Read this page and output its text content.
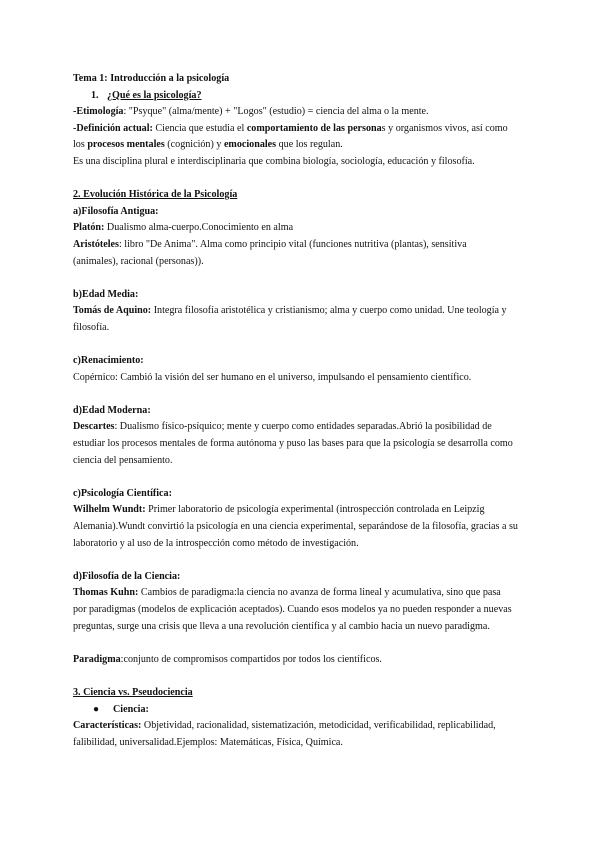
Tema 1: Introducción a la psicología

1. ¿Qué es la psicología?

-Etimología: "Psyque" (alma/mente) + "Logos" (estudio) = ciencia del alma o la mente.

-Definición actual: Ciencia que estudia el comportamiento de las personas y organismos vivos, así como

los procesos mentales (cognición) y emocionales que los regulan.

Es una disciplina plural e interdisciplinaria que combina biología, sociología, educación y filosofía.

2. Evolución Histórica de la Psicología

a)Filosofía Antigua:

Platón: Dualismo alma-cuerpo.Conocimiento en alma

Aristóteles: libro "De Anima". Alma como principio vital (funciones nutritiva (plantas), sensitiva

(animales), racional (personas)).

b)Edad Media:

Tomás de Aquino: Integra filosofía aristotélica y cristianismo; alma y cuerpo como unidad. Une teología y

filosofía.

c)Renacimiento:

Copérnico: Cambió la visión del ser humano en el universo, impulsando el pensamiento científico.

d)Edad Moderna:

Descartes: Dualismo físico-psíquico; mente y cuerpo como entidades separadas.Abrió la posibilidad de

estudiar los procesos mentales de forma autónoma y puso las bases para que la psicología se desarrolla como

ciencia del pensamiento.

c)Psicología Científica:

Wilhelm Wundt: Primer laboratorio de psicología experimental (introspección controlada en Leipzig

Alemania).Wundt convirtió la psicología en una ciencia experimental, separándose de la filosofía, gracias a su

laboratorio y al uso de la introspección como método de investigación.

d)Filosofía de la Ciencia:

Thomas Kuhn: Cambios de paradigma:la ciencia no avanza de forma lineal y acumulativa, sino que pasa

por paradigmas (modelos de explicación aceptados). Cuando esos modelos ya no pueden responder a nuevas

preguntas, surge una crisis que lleva a una revolución científica y al cambio hacia un nuevo paradigma.

Paradigma:conjunto de compromisos compartidos por todos los científicos.

3. Ciencia vs. Pseudociencia

● Ciencia:

Características: Objetividad, racionalidad, sistematización, metodicidad, verificabilidad, replicabilidad,

falibilidad, universalidad.Ejemplos: Matemáticas, Física, Química.
